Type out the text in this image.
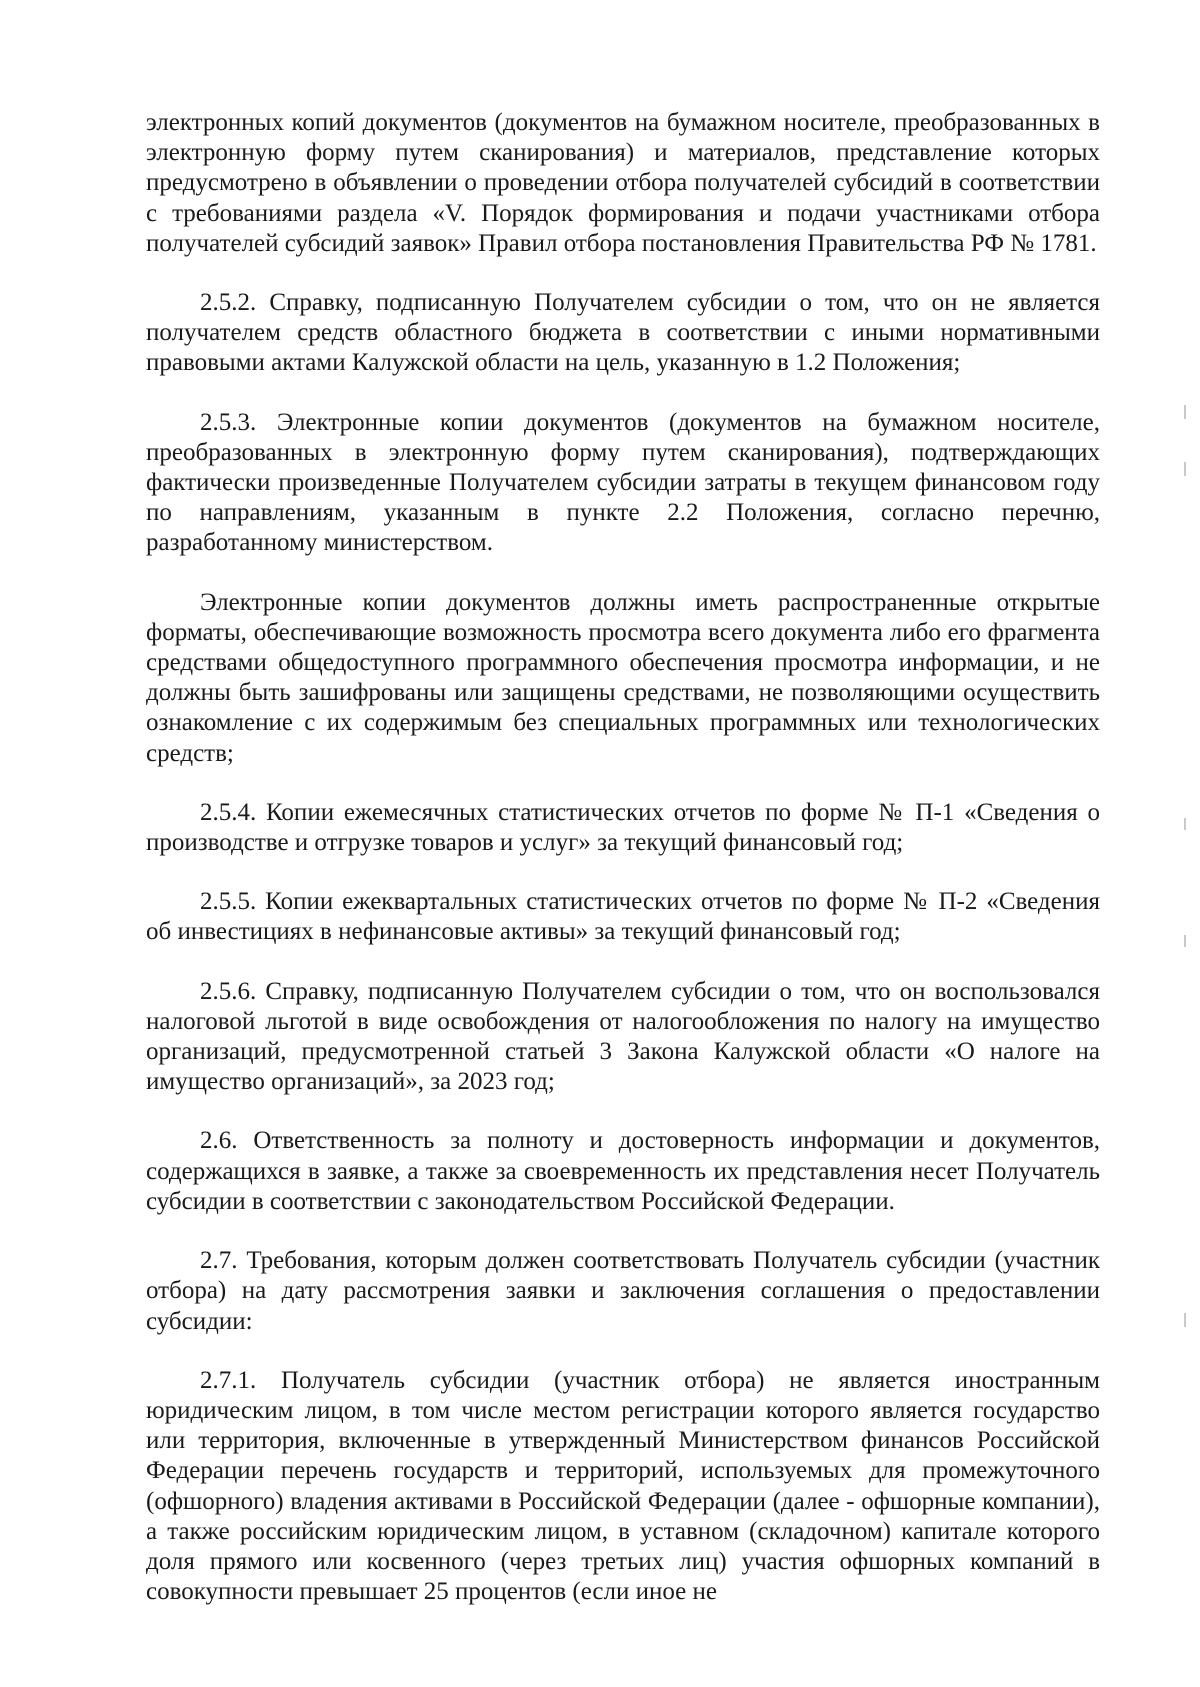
электронных копий документов (документов на бумажном носителе, преобразованных в электронную форму путем сканирования) и материалов, представление которых предусмотрено в объявлении о проведении отбора получателей субсидий в соответствии с требованиями раздела «V. Порядок формирования и подачи участниками отбора получателей субсидий заявок» Правил отбора постановления Правительства РФ № 1781.

2.5.2. Справку, подписанную Получателем субсидии о том, что он не является получателем средств областного бюджета в соответствии с иными нормативными правовыми актами Калужской области на цель, указанную в 1.2 Положения;

2.5.3. Электронные копии документов (документов на бумажном носителе, преобразованных в электронную форму путем сканирования), подтверждающих фактически произведенные Получателем субсидии затраты в текущем финансовом году по направлениям, указанным в пункте 2.2 Положения, согласно перечню, разработанному министерством.

Электронные копии документов должны иметь распространенные открытые форматы, обеспечивающие возможность просмотра всего документа либо его фрагмента средствами общедоступного программного обеспечения просмотра информации, и не должны быть зашифрованы или защищены средствами, не позволяющими осуществить ознакомление с их содержимым без специальных программных или технологических средств;

2.5.4. Копии ежемесячных статистических отчетов по форме № П-1 «Сведения о производстве и отгрузке товаров и услуг» за текущий финансовый год;

2.5.5. Копии ежеквартальных статистических отчетов по форме № П-2 «Сведения об инвестициях в нефинансовые активы» за текущий финансовый год;

2.5.6. Справку, подписанную Получателем субсидии о том, что он воспользовался налоговой льготой в виде освобождения от налогообложения по налогу на имущество организаций, предусмотренной статьей 3 Закона Калужской области «О налоге на имущество организаций», за 2023 год;

2.6. Ответственность за полноту и достоверность информации и документов, содержащихся в заявке, а также за своевременность их представления несет Получатель субсидии в соответствии с законодательством Российской Федерации.

2.7. Требования, которым должен соответствовать Получатель субсидии (участник отбора) на дату рассмотрения заявки и заключения соглашения о предоставлении субсидии:

2.7.1. Получатель субсидии (участник отбора) не является иностранным юридическим лицом, в том числе местом регистрации которого является государство или территория, включенные в утвержденный Министерством финансов Российской Федерации перечень государств и территорий, используемых для промежуточного (офшорного) владения активами в Российской Федерации (далее - офшорные компании), а также российским юридическим лицом, в уставном (складочном) капитале которого доля прямого или косвенного (через третьих лиц) участия офшорных компаний в совокупности превышает 25 процентов (если иное не
